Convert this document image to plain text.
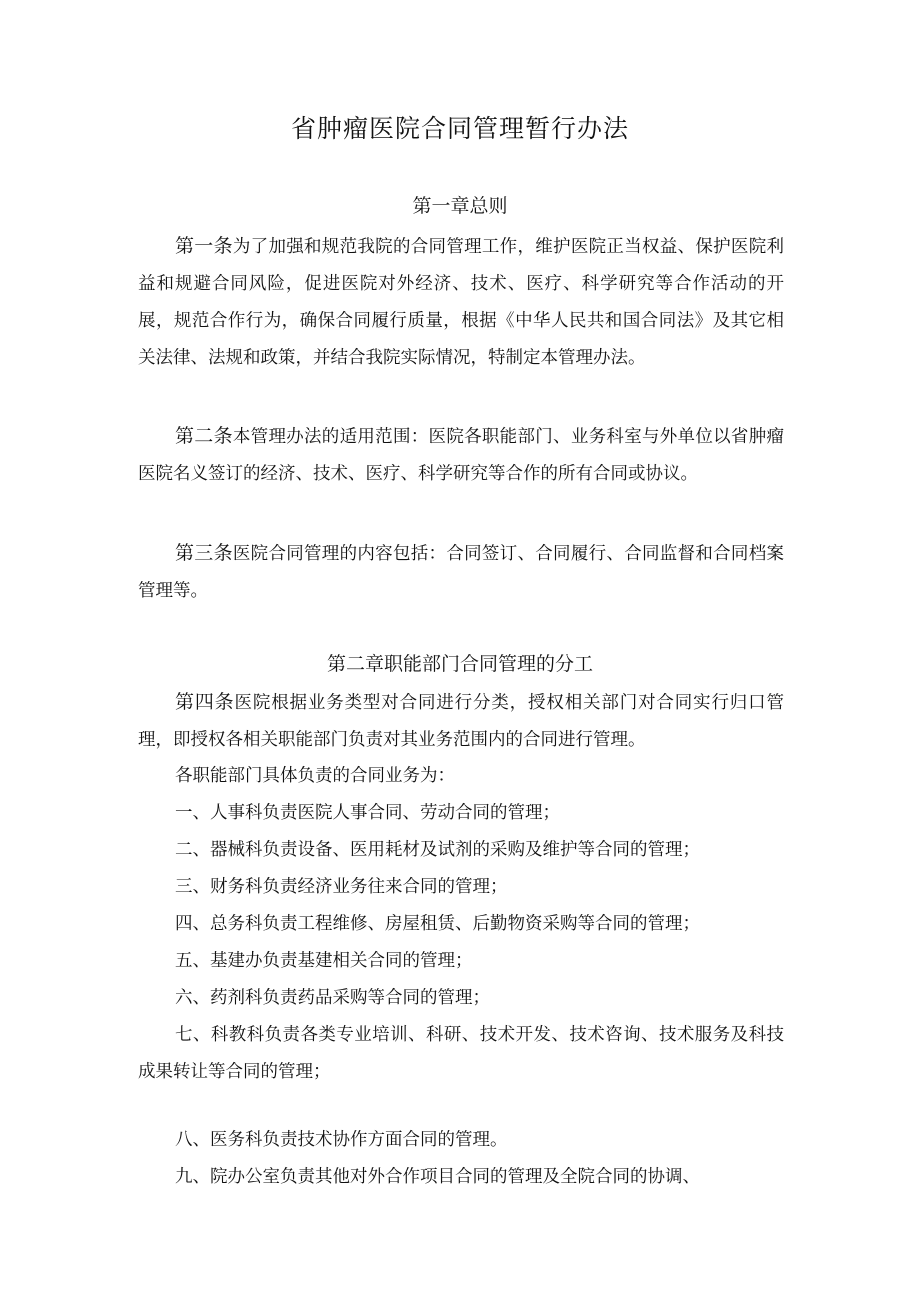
省肿瘤医院合同管理暂行办法
第一章总则

第一条为了加强和规范我院的合同管理工作，维护医院正当权益、保护医院利益和规避合同风险，促进医院对外经济、技术、医疗、科学研究等合作活动的开展，规范合作行为，确保合同履行质量，根据《中华人民共和国合同法》及其它相关法律、法规和政策，并结合我院实际情况，特制定本管理办法。

第二条本管理办法的适用范围：医院各职能部门、业务科室与外单位以省肿瘤医院名义签订的经济、技术、医疗、科学研究等合作的所有合同或协议。

第三条医院合同管理的内容包括：合同签订、合同履行、合同监督和合同档案管理等。

第二章职能部门合同管理的分工

第四条医院根据业务类型对合同进行分类，授权相关部门对合同实行归口管理，即授权各相关职能部门负责对其业务范围内的合同进行管理。

各职能部门具体负责的合同业务为：

一、人事科负责医院人事合同、劳动合同的管理；

二、器械科负责设备、医用耗材及试剂的采购及维护等合同的管理；

三、财务科负责经济业务往来合同的管理；

四、总务科负责工程维修、房屋租赁、后勤物资采购等合同的管理；

五、基建办负责基建相关合同的管理；

六、药剂科负责药品采购等合同的管理；

七、科教科负责各类专业培训、科研、技术开发、技术咨询、技术服务及科技成果转让等合同的管理；

八、医务科负责技术协作方面合同的管理。

九、院办公室负责其他对外合作项目合同的管理及全院合同的协调、
